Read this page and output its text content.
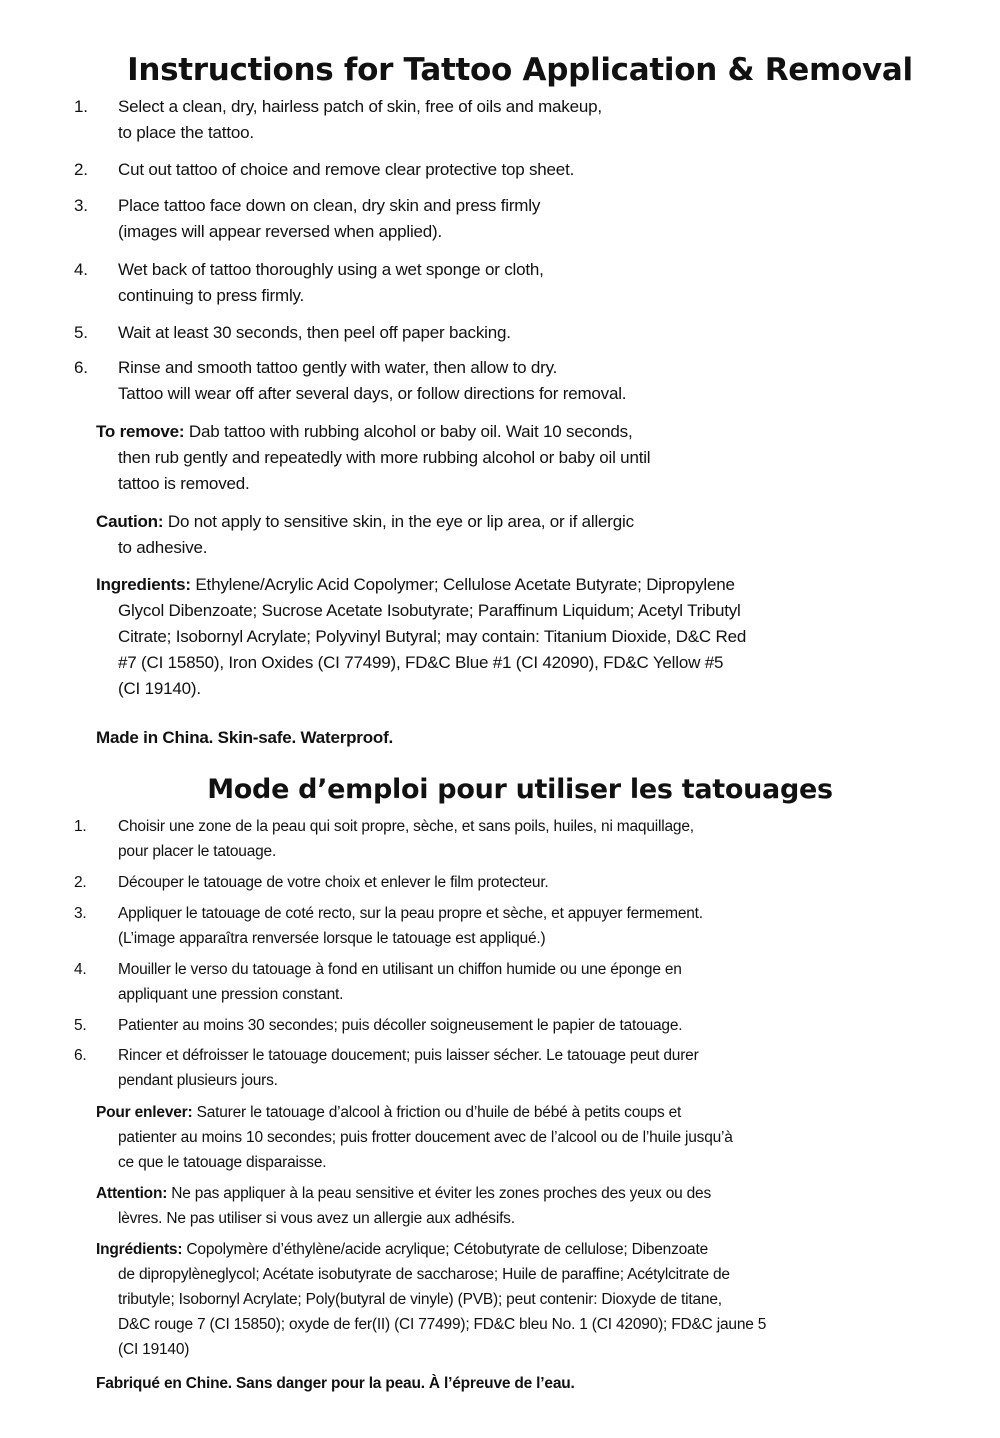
Instructions for Tattoo Application & Removal
1. Select a clean, dry, hairless patch of skin, free of oils and makeup,
to place the tattoo.
2. Cut out tattoo of choice and remove clear protective top sheet.
3. Place tattoo face down on clean, dry skin and press firmly
(images will appear reversed when applied).
4. Wet back of tattoo thoroughly using a wet sponge or cloth,
continuing to press firmly.
5. Wait at least 30 seconds, then peel off paper backing.
6. Rinse and smooth tattoo gently with water, then allow to dry.
Tattoo will wear off after several days, or follow directions for removal.
To remove: Dab tattoo with rubbing alcohol or baby oil. Wait 10 seconds,
then rub gently and repeatedly with more rubbing alcohol or baby oil until
tattoo is removed.
Caution: Do not apply to sensitive skin, in the eye or lip area, or if allergic
to adhesive.
Ingredients: Ethylene/Acrylic Acid Copolymer; Cellulose Acetate Butyrate; Dipropylene
Glycol Dibenzoate; Sucrose Acetate Isobutyrate; Paraffinum Liquidum; Acetyl Tributyl
Citrate; Isobornyl Acrylate; Polyvinyl Butyral; may contain: Titanium Dioxide, D&C Red
#7 (CI 15850), Iron Oxides (CI 77499), FD&C Blue #1 (CI 42090), FD&C Yellow #5
(CI 19140).
Made in China. Skin-safe. Waterproof.
Mode d’emploi pour utiliser les tatouages
1. Choisir une zone de la peau qui soit propre, sèche, et sans poils, huiles, ni maquillage,
pour placer le tatouage.
2. Découper le tatouage de votre choix et enlever le film protecteur.
3. Appliquer le tatouage de coté recto, sur la peau propre et sèche, et appuyer fermement.
(L’image apparaîtra renversée lorsque le tatouage est appliqué.)
4. Mouiller le verso du tatouage à fond en utilisant un chiffon humide ou une éponge en
appliquant une pression constant.
5. Patienter au moins 30 secondes; puis décoller soigneusement le papier de tatouage.
6. Rincer et défroisser le tatouage doucement; puis laisser sécher. Le tatouage peut durer
pendant plusieurs jours.
Pour enlever: Saturer le tatouage d’alcool à friction ou d’huile de bébé à petits coups et
patienter au moins 10 secondes; puis frotter doucement avec de l’alcool ou de l’huile jusqu’à
ce que le tatouage disparaisse.
Attention: Ne pas appliquer à la peau sensitive et éviter les zones proches des yeux ou des
lèvres. Ne pas utiliser si vous avez un allergie aux adhésifs.
Ingrédients: Copolymère d’éthylène/acide acrylique; Cétobutyrate de cellulose; Dibenzoate
de dipropylèneglycol; Acétate isobutyrate de saccharose; Huile de paraffine; Acétylcitrate de
tributyle; Isobornyl Acrylate; Poly(butyral de vinyle) (PVB); peut contenir: Dioxyde de titane,
D&C rouge 7 (CI 15850); oxyde de fer(II) (CI 77499); FD&C bleu No. 1 (CI 42090); FD&C jaune 5
(CI 19140)
Fabriqué en Chine. Sans danger pour la peau. À l’épreuve de l’eau.
